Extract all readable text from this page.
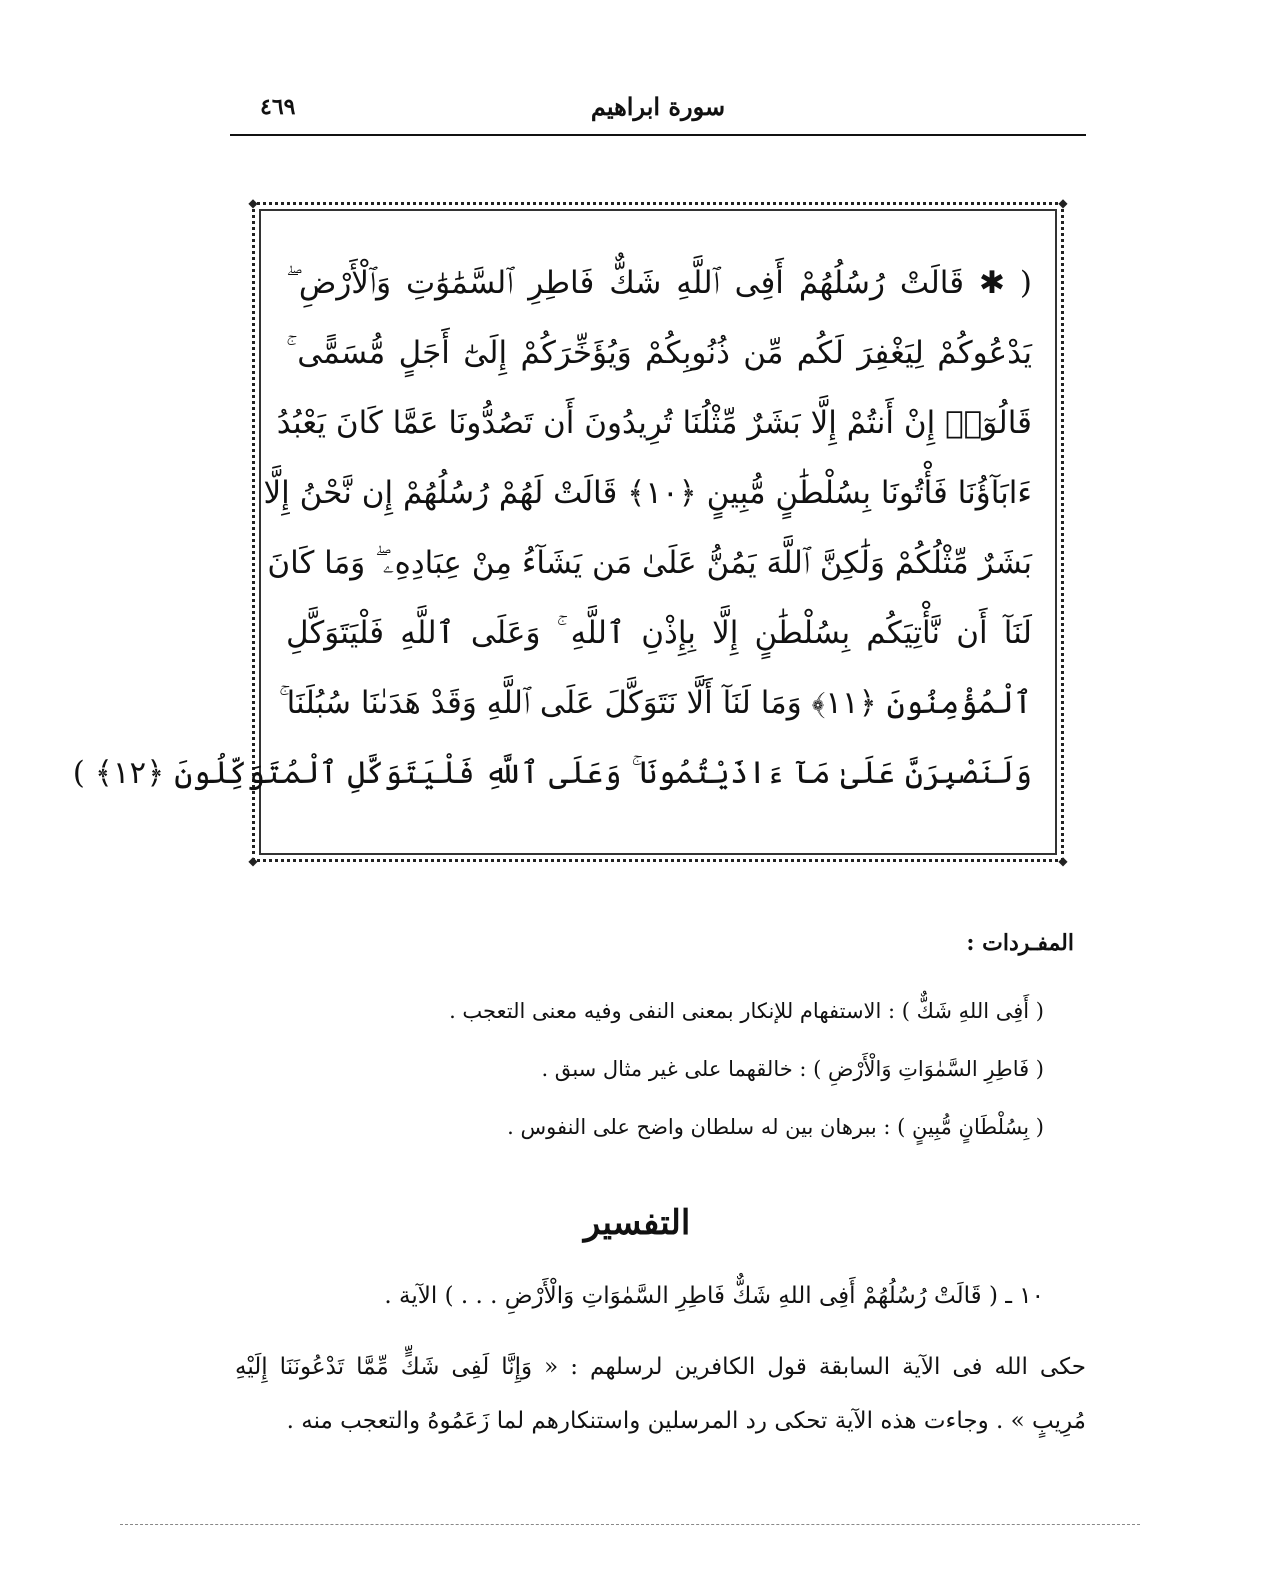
٤٦٩	سورة ابراهيم
◆	◆
◆	◆
( ✱ قَالَتْ رُسُلُهُمْ أَفِى ٱللَّهِ شَكٌّ فَاطِرِ ٱلسَّمَٰوَٰتِ وَٱلْأَرْضِ ۖ
يَدْعُوكُمْ لِيَغْفِرَ لَكُم مِّن ذُنُوبِكُمْ وَيُؤَخِّرَكُمْ إِلَىٰٓ أَجَلٍ مُّسَمًّى ۚ
قَالُوٓا۟ إِنْ أَنتُمْ إِلَّا بَشَرٌ مِّثْلُنَا تُرِيدُونَ أَن تَصُدُّونَا عَمَّا كَانَ يَعْبُدُ
ءَابَآؤُنَا فَأْتُونَا بِسُلْطَٰنٍ مُّبِينٍ ﴿١٠﴾ قَالَتْ لَهُمْ رُسُلُهُمْ إِن نَّحْنُ إِلَّا
بَشَرٌ مِّثْلُكُمْ وَلَٰكِنَّ ٱللَّهَ يَمُنُّ عَلَىٰ مَن يَشَآءُ مِنْ عِبَادِهِۦ ۖ وَمَا كَانَ
لَنَآ أَن نَّأْتِيَكُم بِسُلْطَٰنٍ إِلَّا بِإِذْنِ ٱللَّهِ ۚ وَعَلَى ٱللَّهِ فَلْيَتَوَكَّلِ
ٱلْمُؤْمِنُونَ ﴿١١﴾ وَمَا لَنَآ أَلَّا نَتَوَكَّلَ عَلَى ٱللَّهِ وَقَدْ هَدَىٰنَا سُبُلَنَا ۚ
وَلَنَصْبِرَنَّ عَلَىٰ مَآ ءَاذَيْتُمُونَا ۚ وَعَلَى ٱللَّهِ فَلْيَتَوَكَّلِ ٱلْمُتَوَكِّلُونَ ﴿١٢﴾ )
المفـردات :
( أَفِى اللهِ شَكٌّ ) : الاستفهام للإنكار بمعنى النفى وفيه معنى التعجب .
( فَاطِرِ السَّمٰوَاتِ وَالْأَرْضِ ) : خالقهما على غير مثال سبق .
( بِسُلْطَانٍ مُّبِينٍ ) : ببرهان بين له سلطان واضح على النفوس .
التفسير
١٠ ـ ( قَالَتْ رُسُلُهُمْ أَفِى اللهِ شَكٌّ فَاطِرِ السَّمٰوَاتِ وَالْأَرْضِ . . . ) الآية .
حكى الله فى الآية السابقة قول الكافرين لرسلهم : « وَإِنَّا لَفِى شَكٍّ مِّمَّا تَدْعُونَنَا إِلَيْهِ
مُرِيبٍ » . وجاءت هذه الآية تحكى رد المرسلين واستنكارهم لما زَعَمُوهُ والتعجب منه .
